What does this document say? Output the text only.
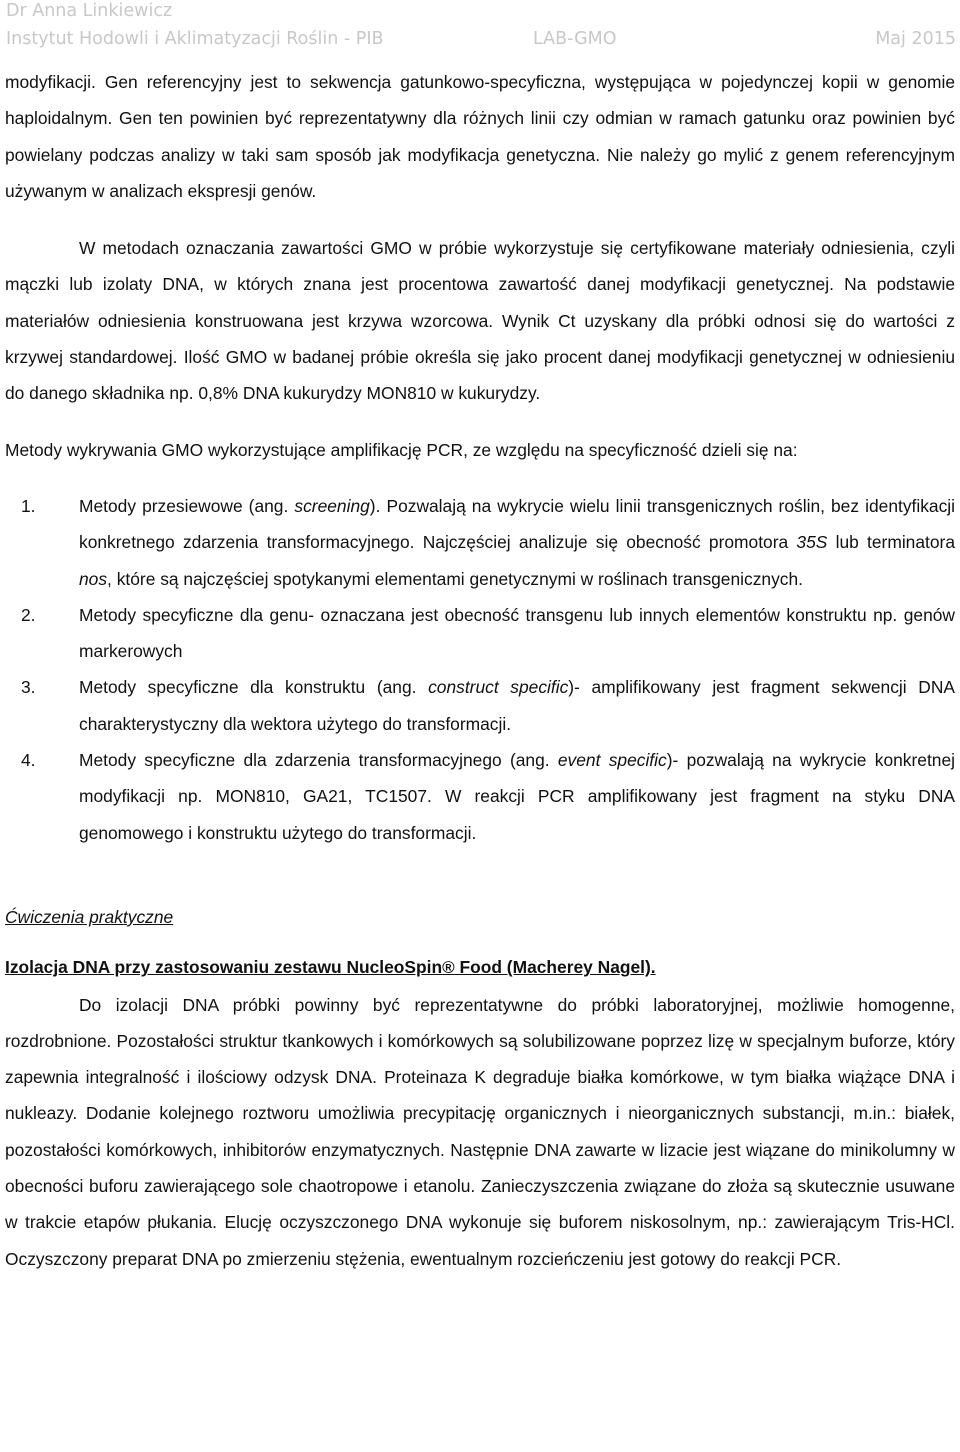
Dr Anna Linkiewicz
Instytut Hodowli i Aklimatyzacji Roślin - PIB	LAB-GMO	Maj 2015

modyfikacji. Gen referencyjny jest to sekwencja gatunkowo-specyficzna, występująca w pojedynczej kopii w genomie haploidalnym. Gen ten powinien być reprezentatywny dla różnych linii czy odmian w ramach gatunku oraz powinien być powielany podczas analizy w taki sam sposób jak modyfikacja genetyczna. Nie należy go mylić z genem referencyjnym używanym w analizach ekspresji genów.

W metodach oznaczania zawartości GMO w próbie wykorzystuje się certyfikowane materiały odniesienia, czyli mączki lub izolaty DNA, w których znana jest procentowa zawartość danej modyfikacji genetycznej. Na podstawie materiałów odniesienia konstruowana jest krzywa wzorcowa. Wynik Ct uzyskany dla próbki odnosi się do wartości z krzywej standardowej. Ilość GMO w badanej próbie określa się jako procent danej modyfikacji genetycznej w odniesieniu do danego składnika np. 0,8% DNA kukurydzy MON810 w kukurydzy.

Metody wykrywania GMO wykorzystujące amplifikację PCR, ze względu na specyficzność dzieli się na:

1. Metody przesiewowe (ang. screening). Pozwalają na wykrycie wielu linii transgenicznych roślin, bez identyfikacji konkretnego zdarzenia transformacyjnego. Najczęściej analizuje się obecność promotora 35S lub terminatora nos, które są najczęściej spotykanymi elementami genetycznymi w roślinach transgenicznych.
2. Metody specyficzne dla genu- oznaczana jest obecność transgenu lub innych elementów konstruktu np. genów markerowych
3. Metody specyficzne dla konstruktu (ang. construct specific)- amplifikowany jest fragment sekwencji DNA charakterystyczny dla wektora użytego do transformacji.
4. Metody specyficzne dla zdarzenia transformacyjnego (ang. event specific)- pozwalają na wykrycie konkretnej modyfikacji np. MON810, GA21, TC1507. W reakcji PCR amplifikowany jest fragment na styku DNA genomowego i konstruktu użytego do transformacji.

Ćwiczenia praktyczne

Izolacja DNA przy zastosowaniu zestawu NucleoSpin® Food (Macherey Nagel).

Do izolacji DNA próbki powinny być reprezentatywne do próbki laboratoryjnej, możliwie homogenne, rozdrobnione. Pozostałości struktur tkankowych i komórkowych są solubilizowane poprzez lizę w specjalnym buforze, który zapewnia integralność i ilościowy odzysk DNA. Proteinaza K degraduje białka komórkowe, w tym białka wiążące DNA i nukleazy. Dodanie kolejnego roztworu umożliwia precypitację organicznych i nieorganicznych substancji, m.in.: białek, pozostałości komórkowych, inhibitorów enzymatycznych. Następnie DNA zawarte w lizacie jest wiązane do minikolumny w obecności buforu zawierającego sole chaotropowe i etanolu. Zanieczyszczenia związane do złoża są skutecznie usuwane w trakcie etapów płukania. Elucję oczyszczonego DNA wykonuje się buforem niskosolnym, np.: zawierającym Tris-HCl. Oczyszczony preparat DNA po zmierzeniu stężenia, ewentualnym rozcieńczeniu jest gotowy do reakcji PCR.
